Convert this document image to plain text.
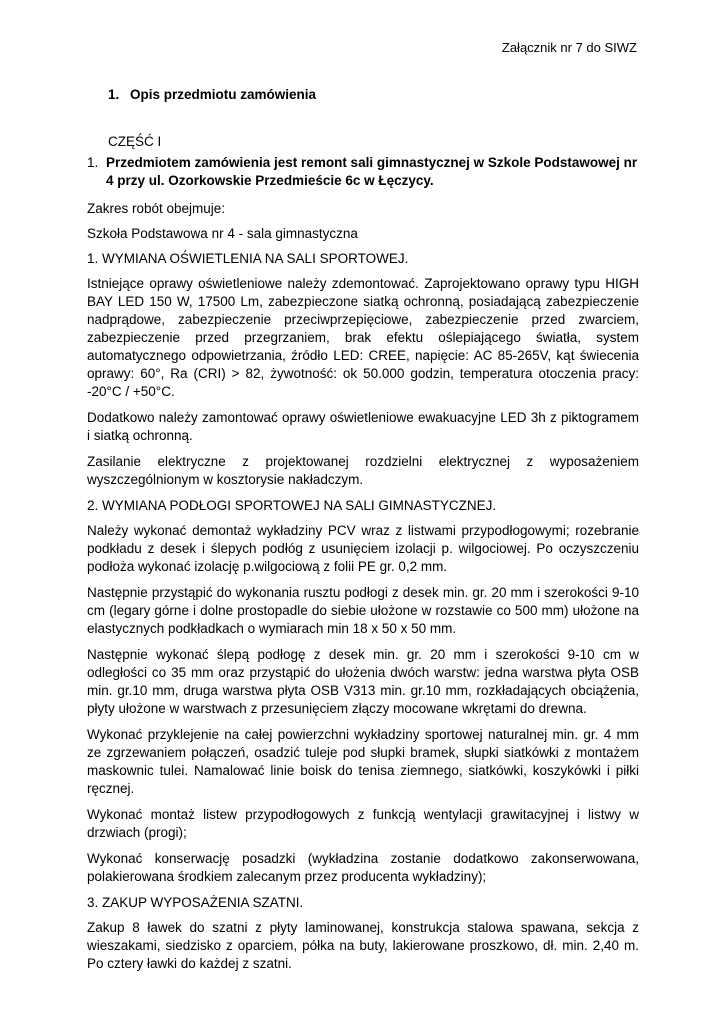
Załącznik nr 7 do SIWZ
1. Opis przedmiotu zamówienia
CZĘŚĆ I
1. Przedmiotem zamówienia jest remont sali gimnastycznej w Szkole Podstawowej nr 4 przy ul. Ozorkowskie Przedmieście 6c w Łęczycy.

Zakres robót obejmuje:

Szkoła Podstawowa nr 4 - sala gimnastyczna

1. WYMIANA OŚWIETLENIA NA SALI SPORTOWEJ.

Istniejące oprawy oświetleniowe należy zdemontować. Zaprojektowano oprawy typu HIGH BAY LED 150 W, 17500 Lm, zabezpieczone siatką ochronną, posiadającą zabezpieczenie nadprądowe, zabezpieczenie przeciwprzepięciowe, zabezpieczenie przed zwarciem, zabezpieczenie przed przegrzaniem, brak efektu oślepiającego światła, system automatycznego odpowietrzania, źródło LED: CREE, napięcie: AC 85-265V, kąt świecenia oprawy: 60°, Ra (CRI) > 82, żywotność: ok 50.000 godzin, temperatura otoczenia pracy: -20°C / +50°C.

Dodatkowo należy zamontować oprawy oświetleniowe ewakuacyjne LED 3h z piktogramem i siatką ochronną.

Zasilanie elektryczne z projektowanej rozdzielni elektrycznej z wyposażeniem wyszczególnionym w kosztorysie nakładczym.

2. WYMIANA PODŁOGI SPORTOWEJ NA SALI GIMNASTYCZNEJ.

Należy wykonać demontaż wykładziny PCV wraz z listwami przypodłogowymi; rozebranie podkładu z desek i ślepych podłóg z usunięciem izolacji p. wilgociowej. Po oczyszczeniu podłoża wykonać izolację p.wilgociową z folii PE gr. 0,2 mm.

Następnie przystąpić do wykonania rusztu podłogi z desek min. gr. 20 mm i szerokości 9-10 cm (legary górne i dolne prostopadle do siebie ułożone w rozstawie co 500 mm) ułożone na elastycznych podkładkach o wymiarach min 18 x 50 x 50 mm.

Następnie wykonać ślepą podłogę z desek min. gr. 20 mm i szerokości 9-10 cm w odległości co 35 mm oraz przystąpić do ułożenia dwóch warstw: jedna warstwa płyta OSB min. gr.10 mm, druga warstwa płyta OSB V313 min. gr.10 mm, rozkładających obciążenia, płyty ułożone w warstwach z przesunięciem złączy mocowane wkrętami do drewna.

Wykonać przyklejenie na całej powierzchni wykładziny sportowej naturalnej min. gr. 4 mm ze zgrzewaniem połączeń, osadzić tuleje pod słupki bramek, słupki siatkówki z montażem maskownic tulei. Namalować linie boisk do tenisa ziemnego, siatkówki, koszykówki i piłki ręcznej.

Wykonać montaż listew przypodłogowych z funkcją wentylacji grawitacyjnej i listwy w drzwiach (progi);

Wykonać konserwację posadzki (wykładzina zostanie dodatkowo zakonserwowana, polakierowana środkiem zalecanym przez producenta wykładziny);

3. ZAKUP WYPOSAŻENIA SZATNI.

Zakup 8 ławek do szatni z płyty laminowanej, konstrukcja stalowa spawana, sekcja z wieszakami, siedzisko z oparciem, półka na buty, lakierowane proszkowo, dł. min. 2,40 m. Po cztery ławki do każdej z szatni.
